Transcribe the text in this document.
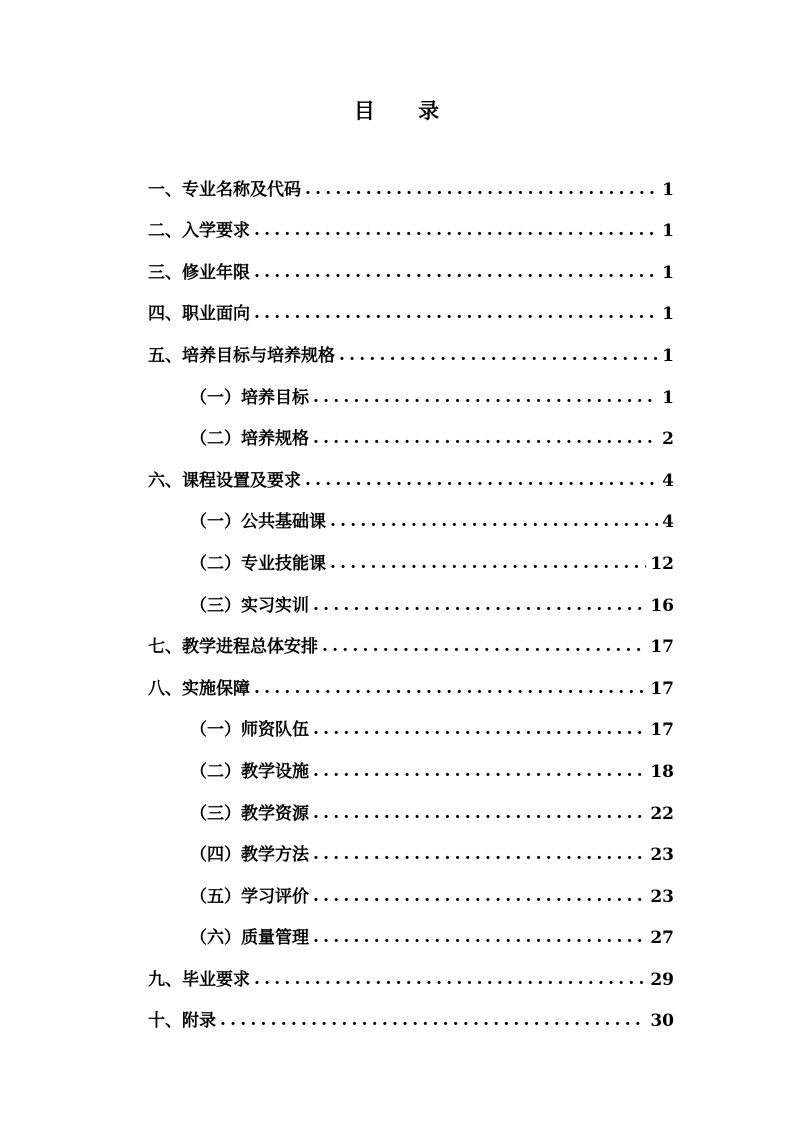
目 录
一、专业名称及代码 .....	1
二、入学要求 .....	1
三、修业年限 .....	1
四、职业面向 .....	1
五、培养目标与培养规格 .....	1
（一）培养目标 .....	1
（二）培养规格 .....	2
六、课程设置及要求 .....	4
（一）公共基础课 .....	4
（二）专业技能课 .....	12
（三）实习实训 .....	16
七、教学进程总体安排 .....	17
八、实施保障 .....	17
（一）师资队伍 .....	17
（二）教学设施 .....	18
（三）教学资源 .....	22
（四）教学方法 .....	23
（五）学习评价 .....	23
（六）质量管理 .....	27
九、毕业要求 .....	29
十、附录 .....	30
